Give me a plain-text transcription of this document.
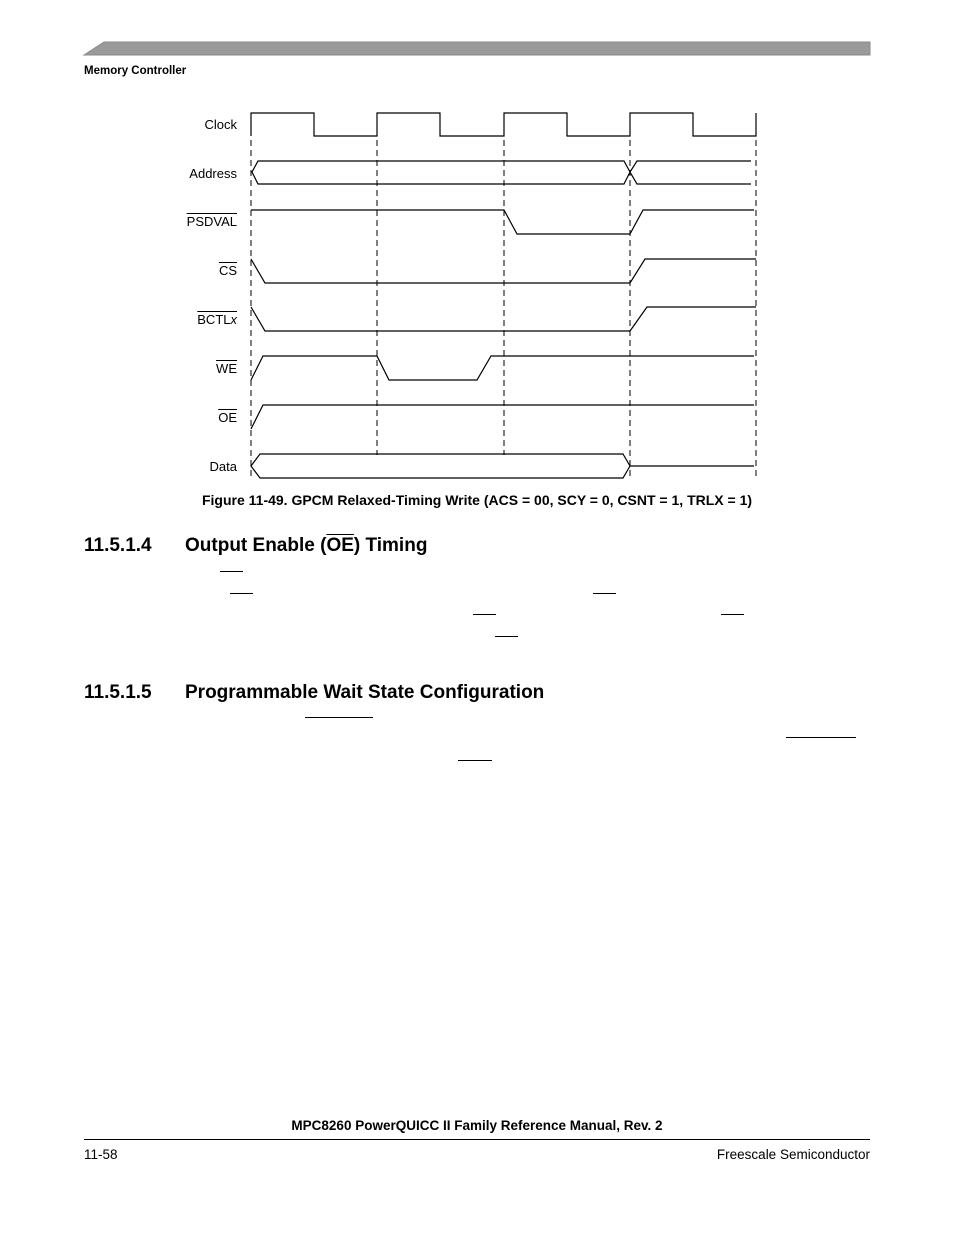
Memory Controller
Clock
Address
PSDVAL
$\overline{CS}$
BCTLx
$\overline{WE}$
$\overline{OE}$
Data
Figure 11-49. GPCM Relaxed-Timing Write (ACS = 00, SCY = 0, CSNT = 1, TRLX = 1)
11.5.1.4 Output Enable $(\overline{OE})$ Timing
11.5.1.5 Programmable Wait State Configuration
MPC8260 PowerQUICC II Family Reference Manual, Rev. 2
11-58	Freescale Semiconductor
